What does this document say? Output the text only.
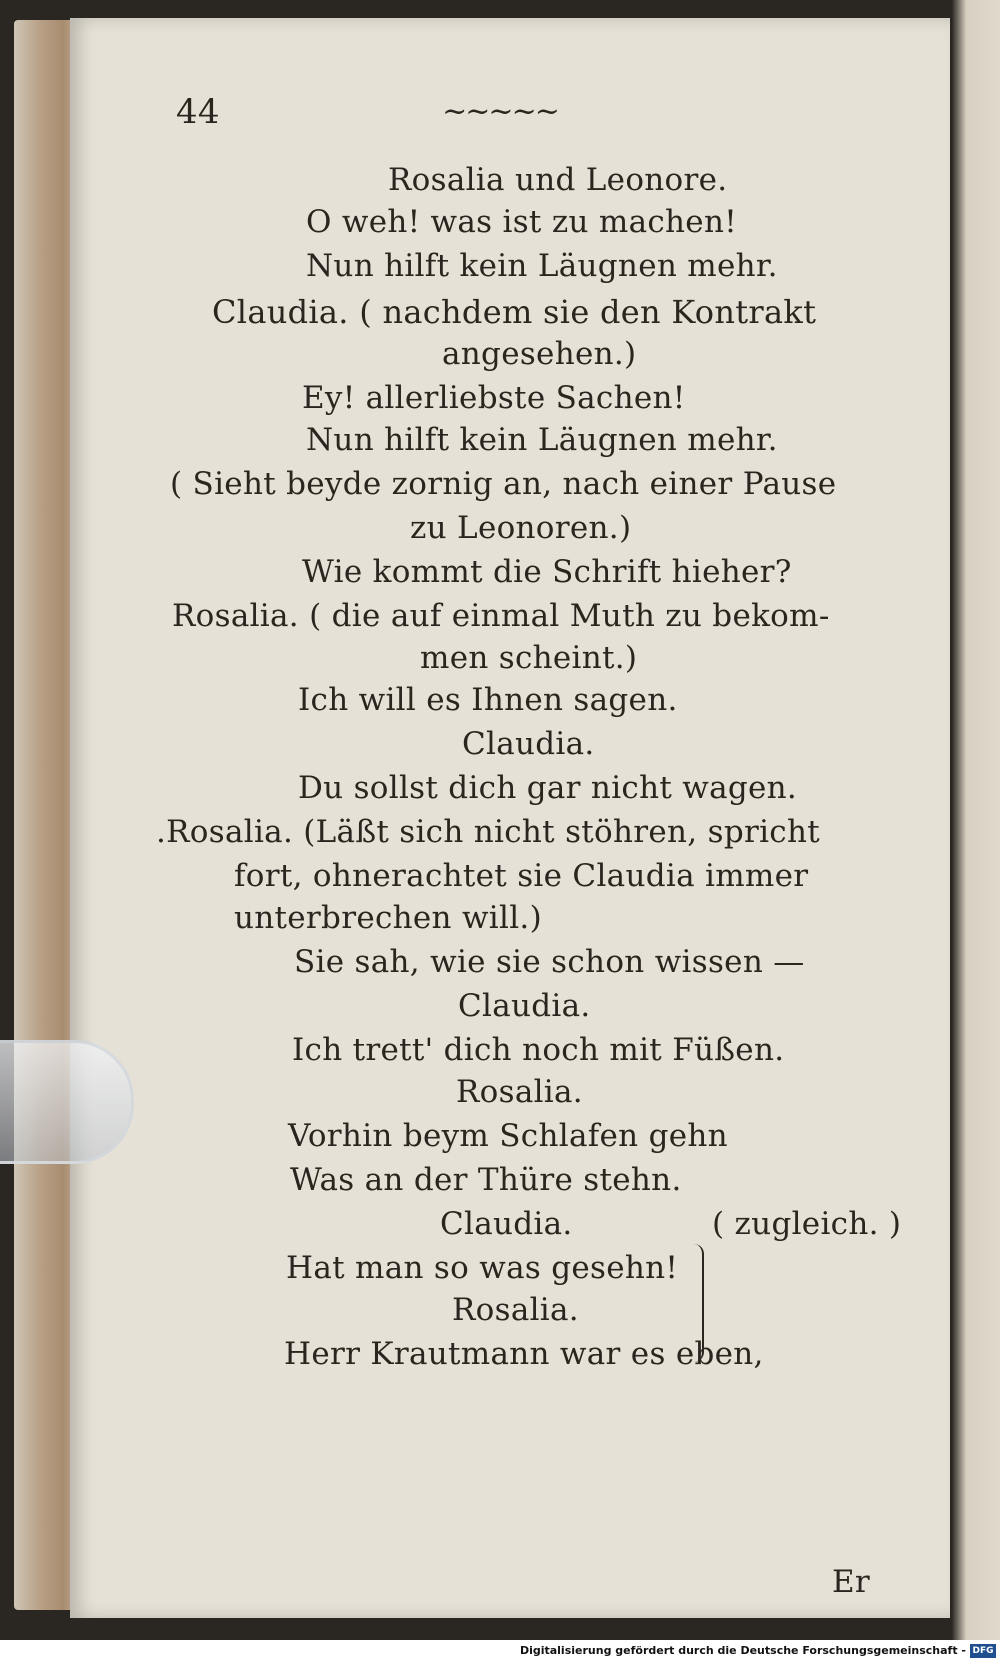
44	~~~~~
Rosalia und Leonore.
O weh! was ist zu machen!
Nun hilft kein Läugnen mehr.
Claudia. ( nachdem sie den Kontrakt
angesehen.)
Ey! allerliebste Sachen!
Nun hilft kein Läugnen mehr.
( Sieht beyde zornig an, nach einer Pause
zu Leonoren.)
Wie kommt die Schrift hieher?
Rosalia. ( die auf einmal Muth zu bekom-
men scheint.)
Ich will es Ihnen sagen.
Claudia.
Du sollst dich gar nicht wagen.
.Rosalia. (Läßt sich nicht stöhren, spricht
fort, ohnerachtet sie Claudia immer
unterbrechen will.)
Sie sah, wie sie schon wissen —
Claudia.
Ich trett' dich noch mit Füßen.
Rosalia.
Vorhin beym Schlafen gehn
Was an der Thüre stehn.
Claudia.
Hat man so was gesehn!
Rosalia.
Herr Krautmann war es eben,
( zugleich. )
Er
Digitalisierung gefördert durch die Deutsche Forschungsgemeinschaft - DFG
